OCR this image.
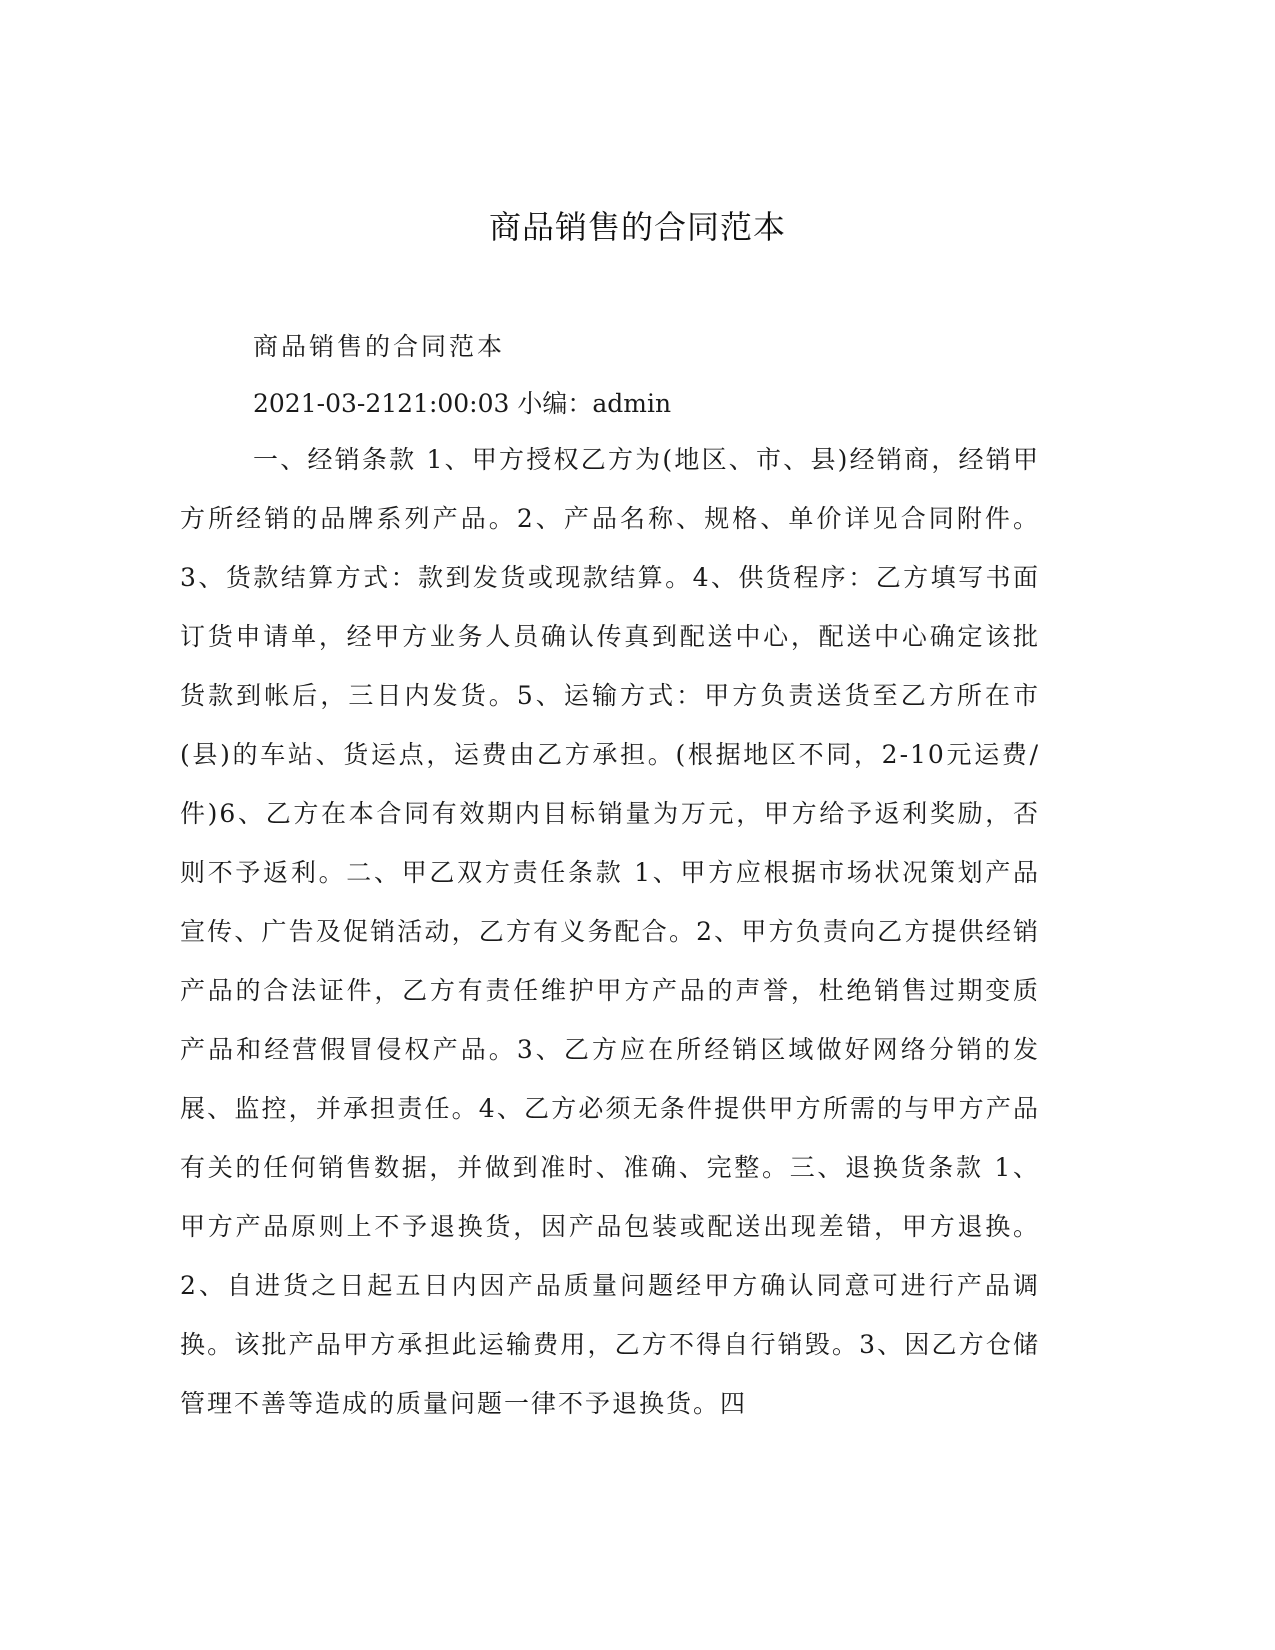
商品销售的合同范本
商品销售的合同范本
2021-03-2121:00:03 小编：admin

一、经销条款 1、甲方授权乙方为(地区、市、县)经销商，经销甲方所经销的品牌系列产品。2、产品名称、规格、单价详见合同附件。3、货款结算方式：款到发货或现款结算。4、供货程序：乙方填写书面订货申请单，经甲方业务人员确认传真到配送中心，配送中心确定该批货款到帐后，三日内发货。5、运输方式：甲方负责送货至乙方所在市(县)的车站、货运点，运费由乙方承担。(根据地区不同，2-10元运费/件)6、乙方在本合同有效期内目标销量为万元，甲方给予返利奖励，否则不予返利。二、甲乙双方责任条款 1、甲方应根据市场状况策划产品宣传、广告及促销活动，乙方有义务配合。2、甲方负责向乙方提供经销产品的合法证件，乙方有责任维护甲方产品的声誉，杜绝销售过期变质产品和经营假冒侵权产品。3、乙方应在所经销区域做好网络分销的发展、监控，并承担责任。4、乙方必须无条件提供甲方所需的与甲方产品有关的任何销售数据，并做到准时、准确、完整。三、退换货条款 1、甲方产品原则上不予退换货，因产品包装或配送出现差错，甲方退换。2、自进货之日起五日内因产品质量问题经甲方确认同意可进行产品调换。该批产品甲方承担此运输费用，乙方不得自行销毁。3、因乙方仓储管理不善等造成的质量问题一律不予退换货。四
